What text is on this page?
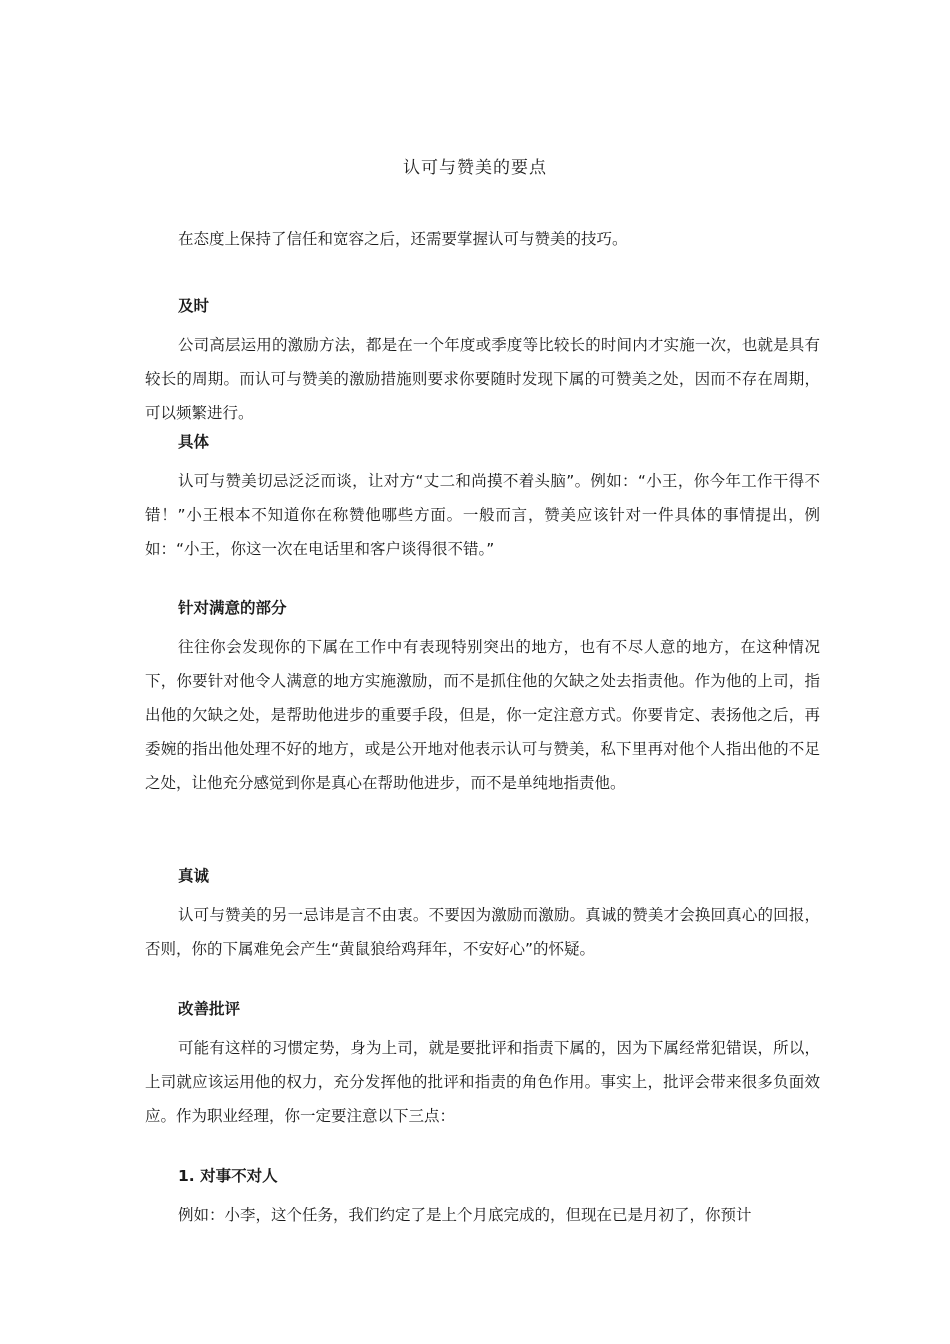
认可与赞美的要点
在态度上保持了信任和宽容之后，还需要掌握认可与赞美的技巧。
及时

公司高层运用的激励方法，都是在一个年度或季度等比较长的时间内才实施一次，也就是具有较长的周期。而认可与赞美的激励措施则要求你要随时发现下属的可赞美之处，因而不存在周期，可以频繁进行。

具体

认可与赞美切忌泛泛而谈，让对方“丈二和尚摸不着头脑”。例如：“小王，你今年工作干得不错！”小王根本不知道你在称赞他哪些方面。一般而言，赞美应该针对一件具体的事情提出，例如：“小王，你这一次在电话里和客户谈得很不错。”

针对满意的部分

往往你会发现你的下属在工作中有表现特别突出的地方，也有不尽人意的地方，在这种情况下，你要针对他令人满意的地方实施激励，而不是抓住他的欠缺之处去指责他。作为他的上司，指出他的欠缺之处，是帮助他进步的重要手段，但是，你一定注意方式。你要肯定、表扬他之后，再委婉的指出他处理不好的地方，或是公开地对他表示认可与赞美，私下里再对他个人指出他的不足之处，让他充分感觉到你是真心在帮助他进步，而不是单纯地指责他。

真诚

认可与赞美的另一忌讳是言不由衷。不要因为激励而激励。真诚的赞美才会换回真心的回报，否则，你的下属难免会产生“黄鼠狼给鸡拜年，不安好心”的怀疑。

改善批评

可能有这样的习惯定势，身为上司，就是要批评和指责下属的，因为下属经常犯错误，所以，上司就应该运用他的权力，充分发挥他的批评和指责的角色作用。事实上，批评会带来很多负面效应。作为职业经理，你一定要注意以下三点：

1. 对事不对人

例如：小李，这个任务，我们约定了是上个月底完成的，但现在已是月初了，你预计
